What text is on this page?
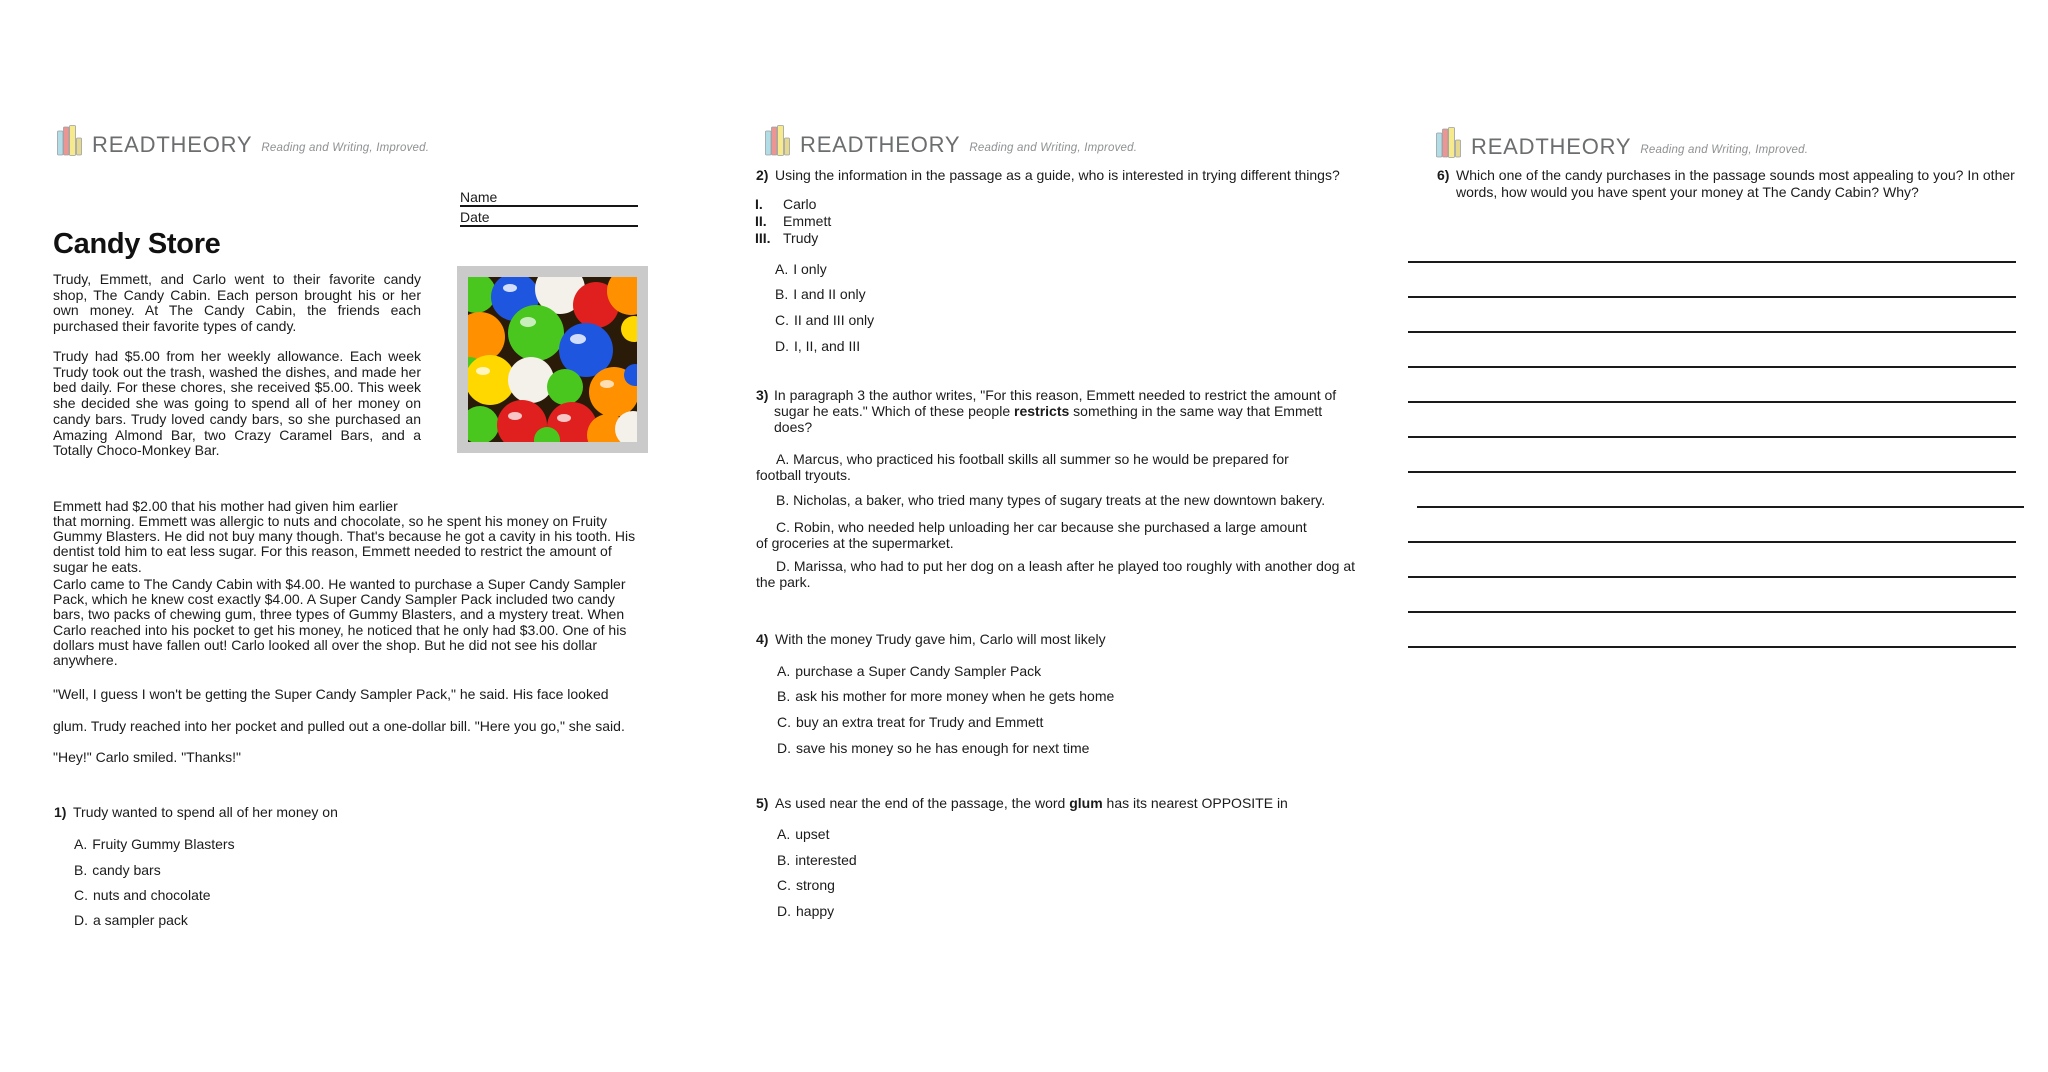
READTHEORY Reading and Writing, Improved.
Name
Date
Candy Store
Trudy, Emmett, and Carlo went to their favorite candy shop, The Candy Cabin. Each person brought his or her own money. At The Candy Cabin, the friends each purchased their favorite types of candy.
Trudy had $5.00 from her weekly allowance. Each week Trudy took out the trash, washed the dishes, and made her bed daily. For these chores, she received $5.00. This week she decided she was going to spend all of her money on candy bars. Trudy loved candy bars, so she purchased an Amazing Almond Bar, two Crazy Caramel Bars, and a Totally Choco-Monkey Bar.
Emmett had $2.00 that his mother had given him earlier
that morning. Emmett was allergic to nuts and chocolate, so he spent his money on Fruity Gummy Blasters. He did not buy many though. That's because he got a cavity in his tooth. His dentist told him to eat less sugar. For this reason, Emmett needed to restrict the amount of sugar he eats.
Carlo came to The Candy Cabin with $4.00. He wanted to purchase a Super Candy Sampler Pack, which he knew cost exactly $4.00. A Super Candy Sampler Pack included two candy bars, two packs of chewing gum, three types of Gummy Blasters, and a mystery treat. When Carlo reached into his pocket to get his money, he noticed that he only had $3.00. One of his dollars must have fallen out! Carlo looked all over the shop. But he did not see his dollar anywhere.
"Well, I guess I won't be getting the Super Candy Sampler Pack," he said. His face looked
glum. Trudy reached into her pocket and pulled out a one-dollar bill. "Here you go," she said.
"Hey!" Carlo smiled. "Thanks!"
1) Trudy wanted to spend all of her money on
A. Fruity Gummy Blasters
B. candy bars
C. nuts and chocolate
D. a sampler pack
READTHEORY Reading and Writing, Improved.
2) Using the information in the passage as a guide, who is interested in trying different things?
I. Carlo
II. Emmett
III. Trudy
A. I only
B. I and II only
C. II and III only
D. I, II, and III
3) In paragraph 3 the author writes, "For this reason, Emmett needed to restrict the amount of
sugar he eats." Which of these people restricts something in the same way that Emmett
does?
A. Marcus, who practiced his football skills all summer so he would be prepared for
football tryouts.
B. Nicholas, a baker, who tried many types of sugary treats at the new downtown bakery.
C. Robin, who needed help unloading her car because she purchased a large amount
of groceries at the supermarket.
D. Marissa, who had to put her dog on a leash after he played too roughly with another dog at
the park.
4) With the money Trudy gave him, Carlo will most likely
A. purchase a Super Candy Sampler Pack
B. ask his mother for more money when he gets home
C. buy an extra treat for Trudy and Emmett
D. save his money so he has enough for next time
5) As used near the end of the passage, the word glum has its nearest OPPOSITE in
A. upset
B. interested
C. strong
D. happy
READTHEORY Reading and Writing, Improved.
6) Which one of the candy purchases in the passage sounds most appealing to you? In other
words, how would you have spent your money at The Candy Cabin? Why?
